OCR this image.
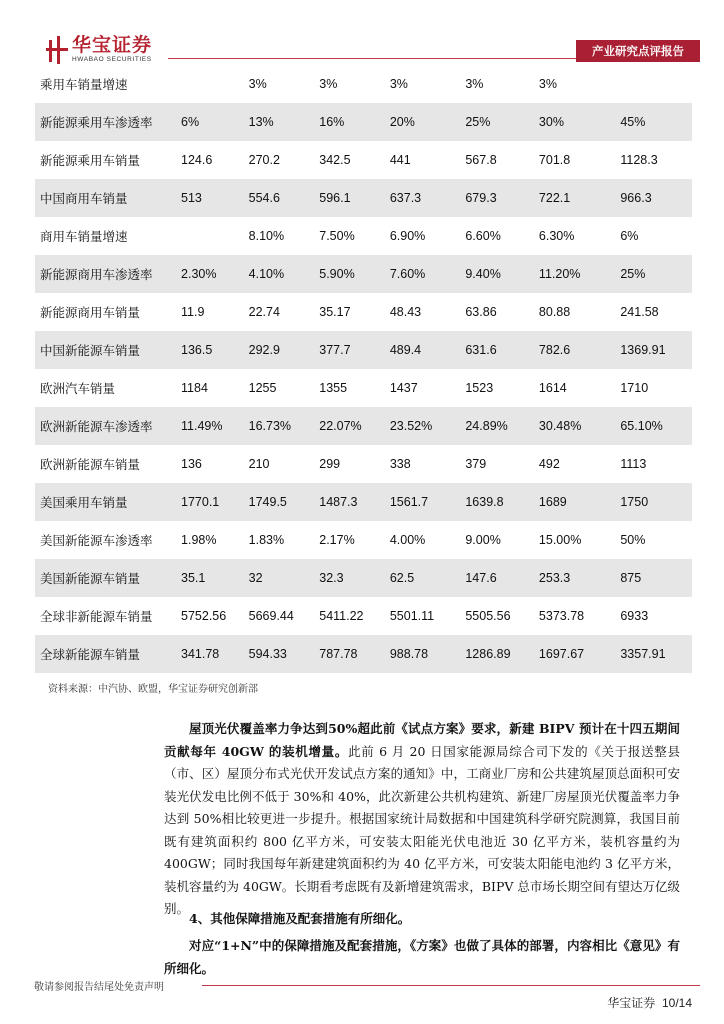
华宝证券
HWABAO SECURITIES
产业研究点评报告
乘用车销量增速		3%	3%	3%	3%	3%	
新能源乘用车渗透率	6%	13%	16%	20%	25%	30%	45%
新能源乘用车销量	124.6	270.2	342.5	441	567.8	701.8	1128.3
中国商用车销量	513	554.6	596.1	637.3	679.3	722.1	966.3
商用车销量增速		8.10%	7.50%	6.90%	6.60%	6.30%	6%
新能源商用车渗透率	2.30%	4.10%	5.90%	7.60%	9.40%	11.20%	25%
新能源商用车销量	11.9	22.74	35.17	48.43	63.86	80.88	241.58
中国新能源车销量	136.5	292.9	377.7	489.4	631.6	782.6	1369.91
欧洲汽车销量	1184	1255	1355	1437	1523	1614	1710
欧洲新能源车渗透率	11.49%	16.73%	22.07%	23.52%	24.89%	30.48%	65.10%
欧洲新能源车销量	136	210	299	338	379	492	1113
美国乘用车销量	1770.1	1749.5	1487.3	1561.7	1639.8	1689	1750
美国新能源车渗透率	1.98%	1.83%	2.17%	4.00%	9.00%	15.00%	50%
美国新能源车销量	35.1	32	32.3	62.5	147.6	253.3	875
全球非新能源车销量	5752.56	5669.44	5411.22	5501.11	5505.56	5373.78	6933
全球新能源车销量	341.78	594.33	787.78	988.78	1286.89	1697.67	3357.91
资料来源：中汽协、欧盟，华宝证券研究创新部
屋顶光伏覆盖率力争达到50%超此前《试点方案》要求，新建 BIPV 预计在十四五期间贡献每年 40GW 的装机增量。此前 6 月 20 日国家能源局综合司下发的《关于报送整县（市、区）屋顶分布式光伏开发试点方案的通知》中，工商业厂房和公共建筑屋顶总面积可安装光伏发电比例不低于 30%和 40%，此次新建公共机构建筑、新建厂房屋顶光伏覆盖率力争达到 50%相比较更进一步提升。根据国家统计局数据和中国建筑科学研究院测算，我国目前既有建筑面积约 800 亿平方米，可安装太阳能光伏电池近 30 亿平方米，装机容量约为 400GW；同时我国每年新建建筑面积约为 40 亿平方米，可安装太阳能电池约 3 亿平方米，装机容量约为 40GW。长期看考虑既有及新增建筑需求，BIPV 总市场长期空间有望达万亿级别。
4、其他保障措施及配套措施有所细化。
对应“1+N”中的保障措施及配套措施，《方案》也做了具体的部署，内容相比《意见》有所细化。
敬请参阅报告结尾处免责声明
华宝证券 10/14
